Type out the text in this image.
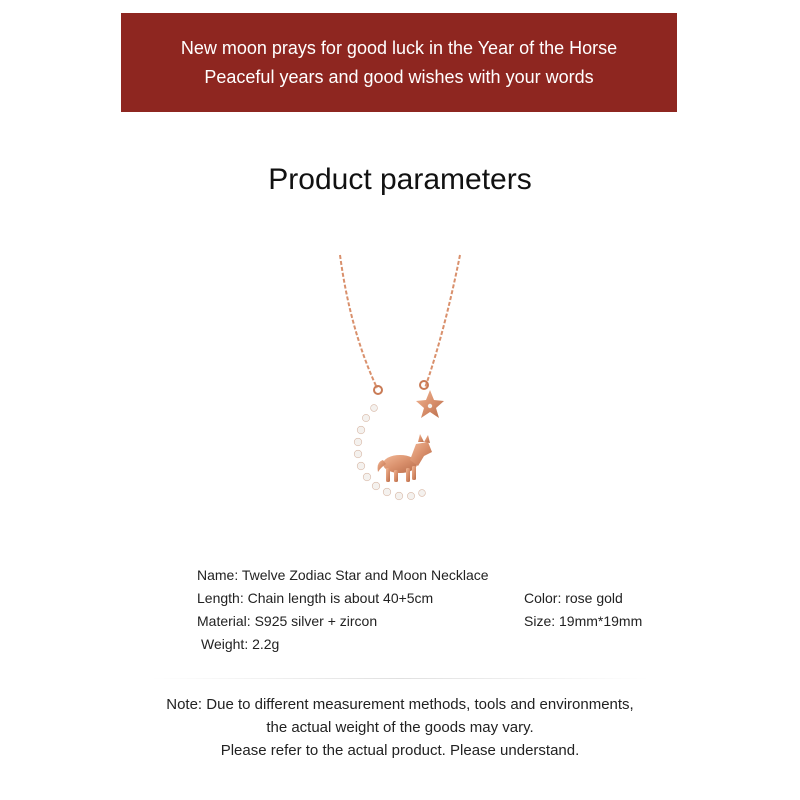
New moon prays for good luck in the Year of the Horse
Peaceful years and good wishes with your words
Product parameters
Name: Twelve Zodiac Star and Moon Necklace
Length: Chain length is about 40+5cm	Color: rose gold
Material: S925 silver + zircon	Size: 19mm*19mm
Weight: 2.2g
Note: Due to different measurement methods, tools and environments,
the actual weight of the goods may vary.
Please refer to the actual product. Please understand.
